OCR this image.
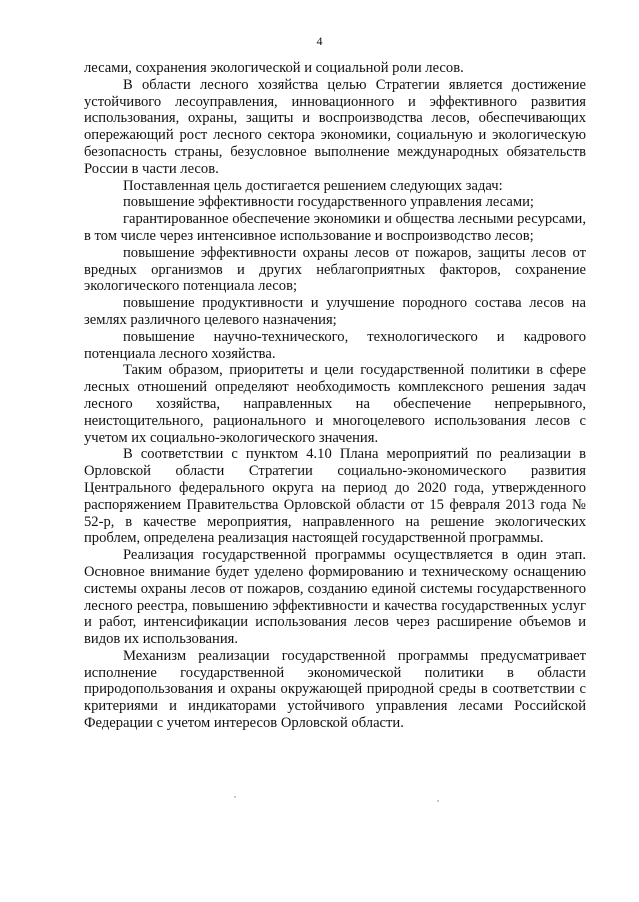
4

лесами, сохранения экологической и социальной роли лесов.

В области лесного хозяйства целью Стратегии является достижение устойчивого лесоуправления, инновационного и эффективного развития использования, охраны, защиты и воспроизводства лесов, обеспечивающих опережающий рост лесного сектора экономики, социальную и экологическую безопасность страны, безусловное выполнение международных обязательств России в части лесов.

Поставленная цель достигается решением следующих задач:

повышение эффективности государственного управления лесами;

гарантированное обеспечение экономики и общества лесными ресурсами, в том числе через интенсивное использование и воспроизводство лесов;

повышение эффективности охраны лесов от пожаров, защиты лесов от вредных организмов и других неблагоприятных факторов, сохранение экологического потенциала лесов;

повышение продуктивности и улучшение породного состава лесов на землях различного целевого назначения;

повышение научно-технического, технологического и кадрового потенциала лесного хозяйства.

Таким образом, приоритеты и цели государственной политики в сфере лесных отношений определяют необходимость комплексного решения задач лесного хозяйства, направленных на обеспечение непрерывного, неистощительного, рационального и многоцелевого использования лесов с учетом их социально-экологического значения.

В соответствии с пунктом 4.10 Плана мероприятий по реализации в Орловской области Стратегии социально-экономического развития Центрального федерального округа на период до 2020 года, утвержденного распоряжением Правительства Орловской области от 15 февраля 2013 года № 52-р, в качестве мероприятия, направленного на решение экологических проблем, определена реализация настоящей государственной программы.

Реализация государственной программы осуществляется в один этап. Основное внимание будет уделено формированию и техническому оснащению системы охраны лесов от пожаров, созданию единой системы государственного лесного реестра, повышению эффективности и качества государственных услуг и работ, интенсификации использования лесов через расширение объемов и видов их использования.

Механизм реализации государственной программы предусматривает исполнение государственной экономической политики в области природопользования и охраны окружающей природной среды в соответствии с критериями и индикаторами устойчивого управления лесами Российской Федерации с учетом интересов Орловской области.
